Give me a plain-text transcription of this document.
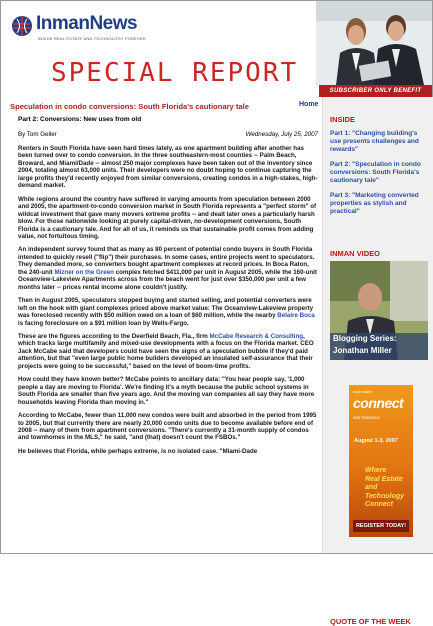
InmanNews
INSIDE REAL ESTATE AND TECHNOLOGY FOREVER
SPECIAL REPORT
SUBSCRIBER ONLY BENEFIT
Home
Speculation in condo conversions: South Florida's cautionary tale
Part 2: Conversions: New uses from old
By Tom Geller	Wednesday, July 25, 2007

Renters in South Florida have seen hard times lately, as one apartment building after another has been turned over to condo conversion. In the three southeastern-most counties -- Palm Beach, Broward, and Miami/Dade -- almost 250 major complexes have been taken out of the inventory since 2004, totaling almost 63,000 units. Their developers were no doubt hoping to continue capturing the large profits they'd recently enjoyed from similar conversions, creating condos in a high-stakes, high-demand market.

While regions around the country have suffered in varying amounts from speculation between 2000 and 2005, the apartment-to-condo conversion market in South Florida represents a "perfect storm" of wildcat investment that gave many movers extreme profits -- and dealt later ones a particularly harsh blow. For those nationwide looking at purely capital-driven, no-development conversions, South Florida is a cautionary tale. And for all of us, it reminds us that sustainable profit comes from adding value, not fortuitous timing.

An independent survey found that as many as 80 percent of potential condo buyers in South Florida intended to quickly resell ("flip") their purchases. In some cases, entire projects went to speculators. They demanded more, so converters bought apartment complexes at record prices. In Boca Raton, the 240-unit Mizner on the Green complex fetched $411,000 per unit in August 2005, while the 160-unit Oceanview-Lakeview Apartments across from the beach went for just over $350,000 per unit a few months later -- prices rental income alone couldn't justify.

Then in August 2005, speculators stopped buying and started selling, and potential converters were left on the hook with giant complexes priced above market value: The Oceanview-Lakeview property was foreclosed recently with $50 million owed on a loan of $60 million, while the nearby Belaire Boca is facing foreclosure on a $91 million loan by Wells-Fargo.

These are the figures according to the Deerfield Beach, Fla., firm McCabe Research & Consulting, which tracks large multifamily and mixed-use developments with a focus on the Florida market. CEO Jack McCabe said that developers could have seen the signs of a speculation bubble if they'd paid attention, but that "even large public home builders developed an insulated self-assurance that their projects were going to be successful," based on the level of boom-time profits.

How could they have known better? McCabe points to ancillary data: "You hear people say, '1,000 people a day are moving to Florida'. We're finding it's a myth because the public school systems in South Florida are smaller than five years ago. And the moving van companies all say they have more households leaving Florida than moving in."

According to McCabe, fewer than 11,000 new condos were built and absorbed in the period from 1995 to 2005, but that currently there are nearly 20,000 condo units due to become available before end of 2008 -- many of them from apartment conversions. "There's currently a 31-month supply of condos and townhomes in the MLS," he said, "and (that) doesn't count the FSBOs."

He believes that Florida, while perhaps extreme, is no isolated case. "Miami-Dade

INSIDE
Part 1: "Changing building's use presents challenges and rewards"
Part 2: "Speculation in condo conversions: South Florida's cautionary tale"
Part 3: "Marketing converted properties as stylish and practical"
INMAN VIDEO
Blogging Series:
Jonathan Miller
real estate
connect
san francisco
August 1-3, 2007
Where
Real Estate
and
Technology
Connect
REGISTER TODAY!
QUOTE OF THE WEEK
